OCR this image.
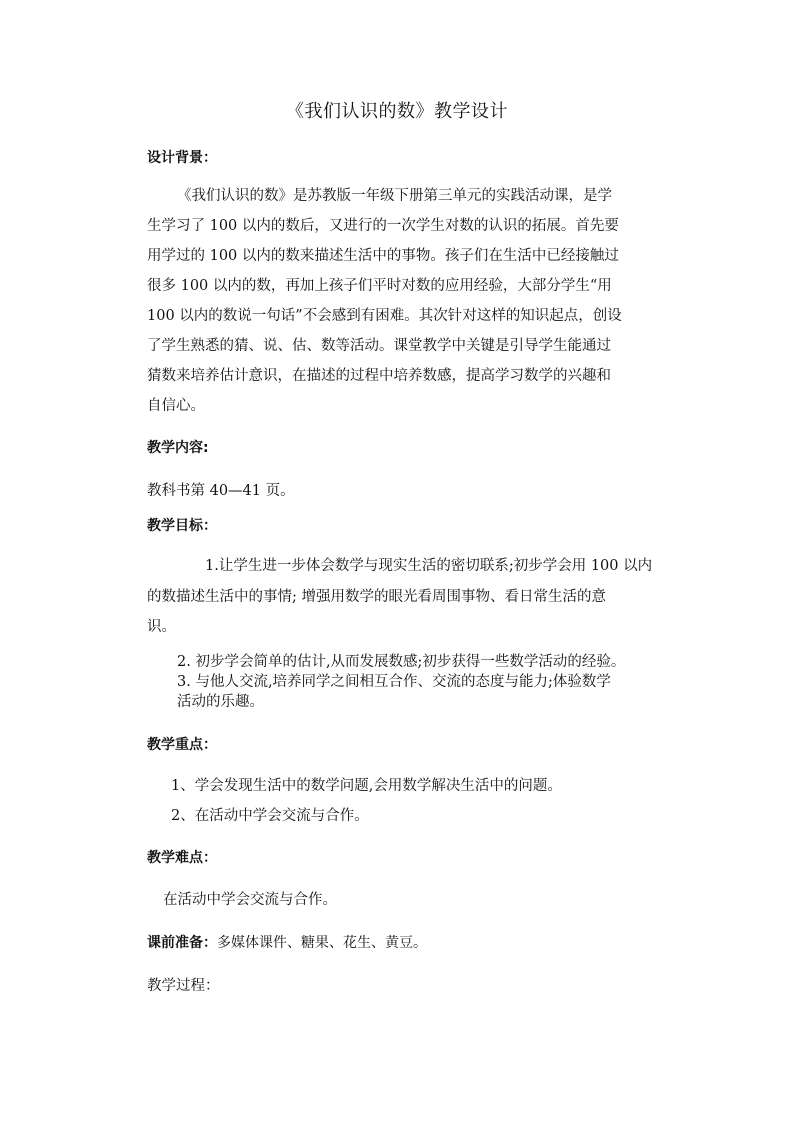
《我们认识的数》教学设计
设计背景：
《我们认识的数》是苏教版一年级下册第三单元的实践活动课，是学
生学习了 100 以内的数后，又进行的一次学生对数的认识的拓展。首先要
用学过的 100 以内的数来描述生活中的事物。孩子们在生活中已经接触过
很多 100 以内的数，再加上孩子们平时对数的应用经验，大部分学生“用
100 以内的数说一句话”不会感到有困难。其次针对这样的知识起点，创设
了学生熟悉的猜、说、估、数等活动。课堂教学中关键是引导学生能通过
猜数来培养估计意识，在描述的过程中培养数感，提高学习数学的兴趣和
自信心。
教学内容:
教科书第 40—41 页。
教学目标：
1.让学生进一步体会数学与现实生活的密切联系;初步学会用 100 以内
的数描述生活中的事情; 增强用数学的眼光看周围事物、看日常生活的意
识。
2. 初步学会简单的估计,从而发展数感;初步获得一些数学活动的经验。
3. 与他人交流,培养同学之间相互合作、交流的态度与能力;体验数学
活动的乐趣。
教学重点：
1、学会发现生活中的数学问题,会用数学解决生活中的问题。
2、在活动中学会交流与合作。
教学难点：
在活动中学会交流与合作。
课前准备：多媒体课件、糖果、花生、黄豆。
教学过程：
